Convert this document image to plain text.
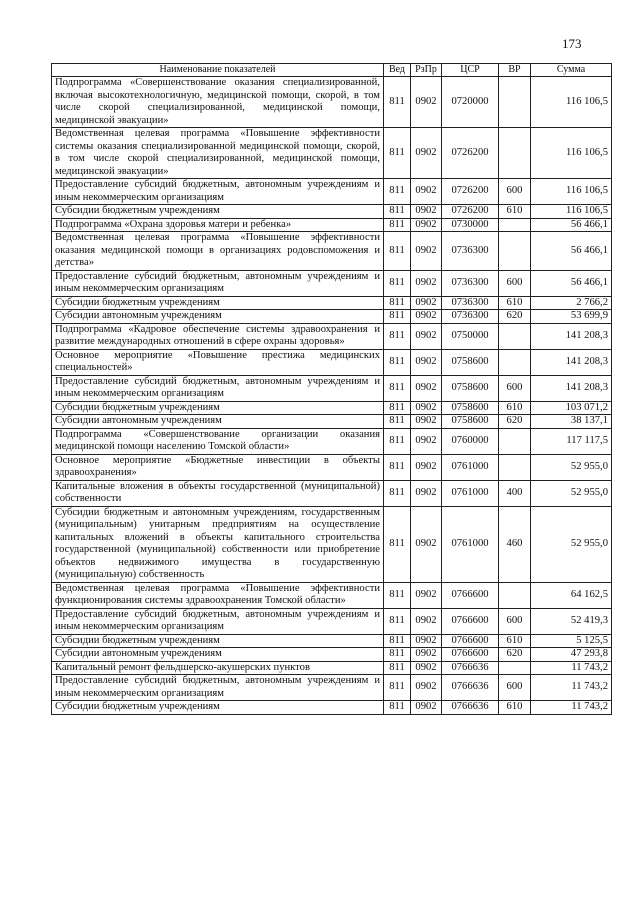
173
Наименование показателей	Вед	РзПр	ЦСР	ВР	Сумма
Подпрограмма «Совершенствование оказания специализированной, включая высокотехнологичную, медицинской помощи, скорой, в том числе скорой специализированной, медицинской помощи, медицинской эвакуации»	811	0902	0720000		116 106,5
Ведомственная целевая программа «Повышение эффективности системы оказания специализированной медицинской помощи, скорой, в том числе скорой специализированной, медицинской помощи, медицинской эвакуации»	811	0902	0726200		116 106,5
Предоставление субсидий бюджетным, автономным учреждениям и иным некоммерческим организациям	811	0902	0726200	600	116 106,5
Субсидии бюджетным учреждениям	811	0902	0726200	610	116 106,5
Подпрограмма «Охрана здоровья матери и ребенка»	811	0902	0730000		56 466,1
Ведомственная целевая программа «Повышение эффективности оказания медицинской помощи в организациях родовспоможения и детства»	811	0902	0736300		56 466,1
Предоставление субсидий бюджетным, автономным учреждениям и иным некоммерческим организациям	811	0902	0736300	600	56 466,1
Субсидии бюджетным учреждениям	811	0902	0736300	610	2 766,2
Субсидии автономным учреждениям	811	0902	0736300	620	53 699,9
Подпрограмма «Кадровое обеспечение системы здравоохранения и развитие международных отношений в сфере охраны здоровья»	811	0902	0750000		141 208,3
Основное мероприятие «Повышение престижа медицинских специальностей»	811	0902	0758600		141 208,3
Предоставление субсидий бюджетным, автономным учреждениям и иным некоммерческим организациям	811	0902	0758600	600	141 208,3
Субсидии бюджетным учреждениям	811	0902	0758600	610	103 071,2
Субсидии автономным учреждениям	811	0902	0758600	620	38 137,1
Подпрограмма «Совершенствование организации оказания медицинской помощи населению Томской области»	811	0902	0760000		117 117,5
Основное мероприятие «Бюджетные инвестиции в объекты здравоохранения»	811	0902	0761000		52 955,0
Капитальные вложения в объекты государственной (муниципальной) собственности	811	0902	0761000	400	52 955,0
Субсидии бюджетным и автономным учреждениям, государственным (муниципальным) унитарным предприятиям на осуществление капитальных вложений в объекты капитального строительства государственной (муниципальной) собственности или приобретение объектов недвижимого имущества в государственную (муниципальную) собственность	811	0902	0761000	460	52 955,0
Ведомственная целевая программа «Повышение эффективности функционирования системы здравоохранения Томской области»	811	0902	0766600		64 162,5
Предоставление субсидий бюджетным, автономным учреждениям и иным некоммерческим организациям	811	0902	0766600	600	52 419,3
Субсидии бюджетным учреждениям	811	0902	0766600	610	5 125,5
Субсидии автономным учреждениям	811	0902	0766600	620	47 293,8
Капитальный ремонт фельдшерско-акушерских пунктов	811	0902	0766636		11 743,2
Предоставление субсидий бюджетным, автономным учреждениям и иным некоммерческим организациям	811	0902	0766636	600	11 743,2
Субсидии бюджетным учреждениям	811	0902	0766636	610	11 743,2
